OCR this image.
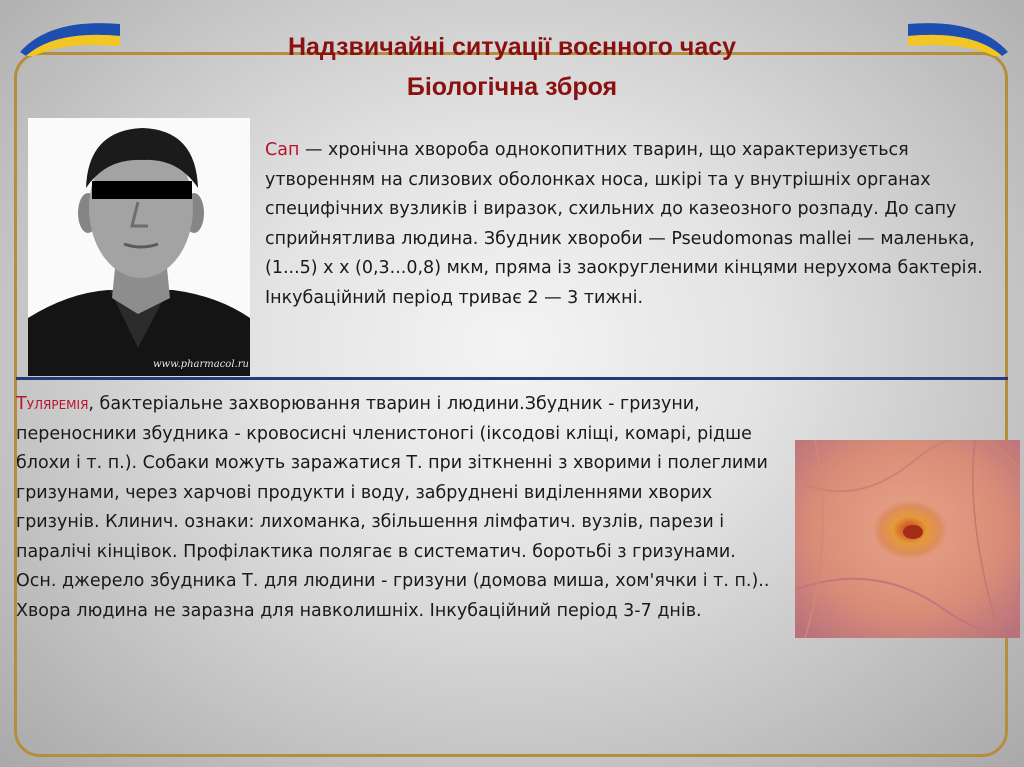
Надзвичайні ситуації воєнного часу
Біологічна зброя
www.pharmacol.ru
Сап — хронічна хвороба однокопитних тварин, що характеризується утворенням на слизових оболонках носа, шкірі та у внутрішніх органах специфічних вузликів і виразок, схильних до казеозного розпаду. До сапу сприйнятлива людина. Збудник хвороби — Pseudomonas mallei — маленька, (1...5) х х (0,3...0,8) мкм, пряма із заокругленими кінцями нерухома бактерія. Інкубаційний період триває 2 — 3 тижні.

Туляремія, бактеріальне захворювання тварин і людини.Збудник - гризуни, переносники збудника - кровосисні членистоногі (іксодові кліщі, комарі, рідше блохи і т. п.). Собаки можуть заражатися Т. при зіткненні з хворими і полеглими гризунами, через харчові продукти і воду, забруднені виділеннями хворих гризунів. Клинич. ознаки: лихоманка, збільшення лімфатич. вузлів, парези і паралічі кінцівок. Профілактика полягає в систематич. боротьбі з гризунами.

Осн. джерело збудника Т. для людини - гризуни (домова миша, хом'ячки і т. п.).. Хвора людина не заразна для навколишніх. Інкубаційний період 3-7 днів.
